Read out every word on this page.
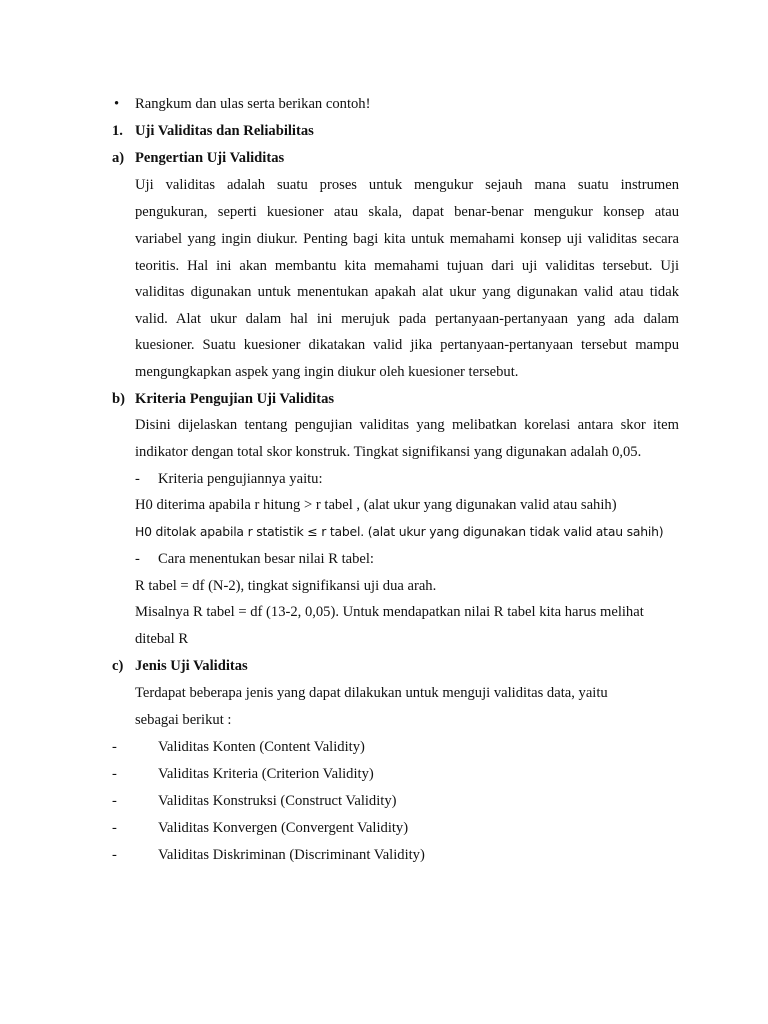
• Rangkum dan ulas serta berikan contoh!
1. Uji Validitas dan Reliabilitas
a) Pengertian Uji Validitas
Uji validitas adalah suatu proses untuk mengukur sejauh mana suatu instrumen
pengukuran, seperti kuesioner atau skala, dapat benar-benar mengukur konsep atau
variabel yang ingin diukur. Penting bagi kita untuk memahami konsep uji validitas secara
teoritis. Hal ini akan membantu kita memahami tujuan dari uji validitas tersebut. Uji
validitas digunakan untuk menentukan apakah alat ukur yang digunakan valid atau tidak
valid. Alat ukur dalam hal ini merujuk pada pertanyaan-pertanyaan yang ada dalam
kuesioner. Suatu kuesioner dikatakan valid jika pertanyaan-pertanyaan tersebut mampu
mengungkapkan aspek yang ingin diukur oleh kuesioner tersebut.
b) Kriteria Pengujian Uji Validitas
Disini dijelaskan tentang pengujian validitas yang melibatkan korelasi antara skor item
indikator dengan total skor konstruk. Tingkat signifikansi yang digunakan adalah 0,05.
- Kriteria pengujiannya yaitu:
H0 diterima apabila r hitung > r tabel , (alat ukur yang digunakan valid atau sahih)
H0 ditolak apabila r statistik ≤ r tabel. (alat ukur yang digunakan tidak valid atau sahih)
- Cara menentukan besar nilai R tabel:
R tabel = df (N-2), tingkat signifikansi uji dua arah.
Misalnya R tabel = df (13-2, 0,05). Untuk mendapatkan nilai R tabel kita harus melihat
ditebal R
c) Jenis Uji Validitas
Terdapat beberapa jenis yang dapat dilakukan untuk menguji validitas data, yaitu
sebagai berikut :
-	Validitas Konten (Content Validity)
-	Validitas Kriteria (Criterion Validity)
-	Validitas Konstruksi (Construct Validity)
-	Validitas Konvergen (Convergent Validity)
-	Validitas Diskriminan (Discriminant Validity)
